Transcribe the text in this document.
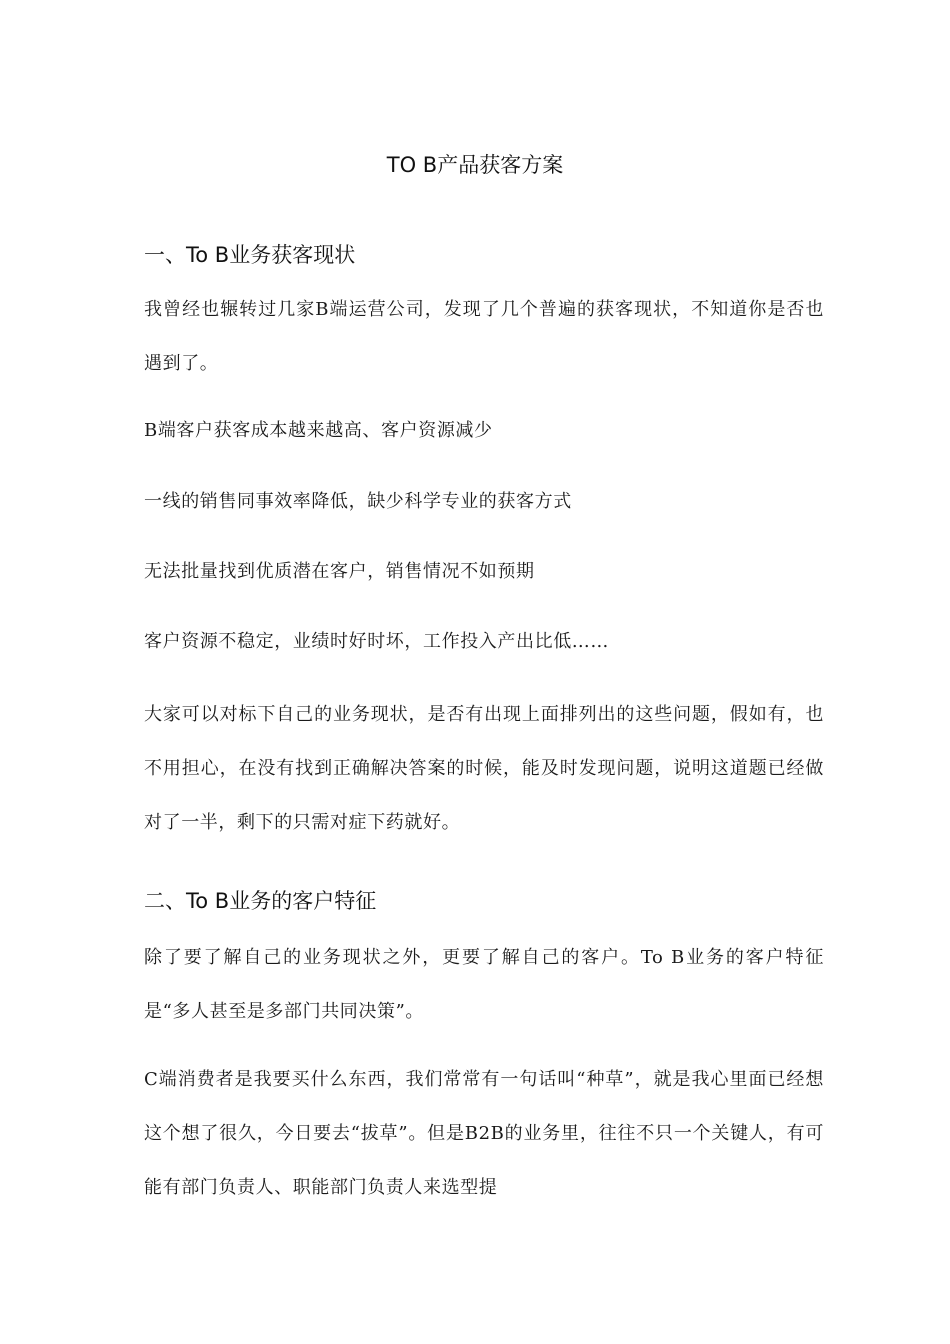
TO B产品获客方案
一、To B业务获客现状
我曾经也辗转过几家B端运营公司，发现了几个普遍的获客现状，不知道你是否也遇到了。
B端客户获客成本越来越高、客户资源减少
一线的销售同事效率降低，缺少科学专业的获客方式
无法批量找到优质潜在客户，销售情况不如预期
客户资源不稳定，业绩时好时坏，工作投入产出比低……
大家可以对标下自己的业务现状，是否有出现上面排列出的这些问题，假如有，也不用担心，在没有找到正确解决答案的时候，能及时发现问题，说明这道题已经做对了一半，剩下的只需对症下药就好。
二、To B业务的客户特征
除了要了解自己的业务现状之外，更要了解自己的客户。To B业务的客户特征是“多人甚至是多部门共同决策”。
C端消费者是我要买什么东西，我们常常有一句话叫“种草”，就是我心里面已经想这个想了很久，今日要去“拔草”。但是B2B的业务里，往往不只一个关键人，有可能有部门负责人、职能部门负责人来选型提
